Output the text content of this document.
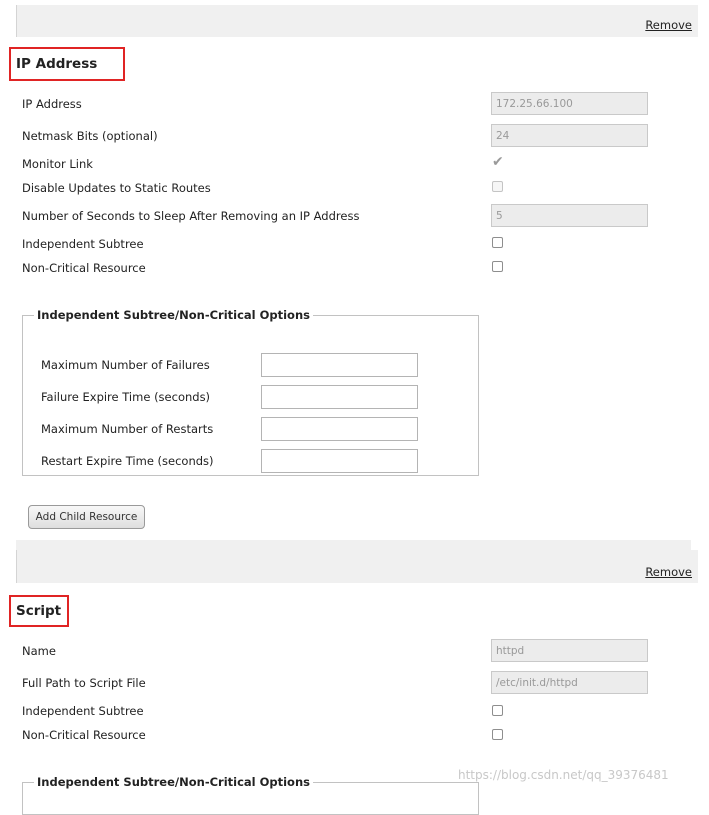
Remove
IP Address
IP Address
172.25.66.100
Netmask Bits (optional)
24
Monitor Link	✔
Disable Updates to Static Routes
Number of Seconds to Sleep After Removing an IP Address
5
Independent Subtree
Non-Critical Resource
Independent Subtree/Non-Critical Options
Maximum Number of Failures
Failure Expire Time (seconds)
Maximum Number of Restarts
Restart Expire Time (seconds)
Add Child Resource
Remove
Script
Name
httpd
Full Path to Script File
/etc/init.d/httpd
Independent Subtree
Non-Critical Resource
Independent Subtree/Non-Critical Options	https://blog.csdn.net/qq_39376481
